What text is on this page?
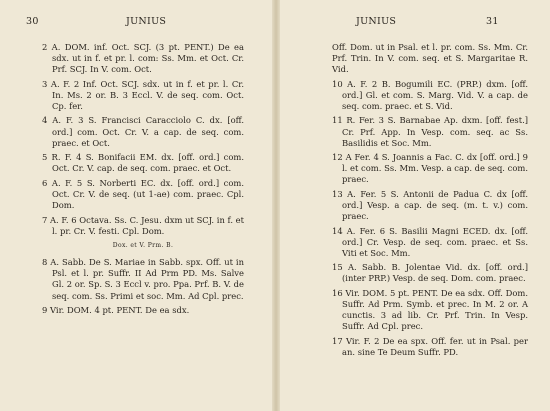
30	JUNIUS

2 A. DOM. inf. Oct. SCJ. (3 pt. PENT.) De ea sdx. ut in f. et pr. l. com: Ss. Mm. et Oct. Cr. Prf. SCJ. In V. com. Oct.

3 A. F. 2 Inf. Oct. SCJ. sdx. ut in f. et pr. l. Cr. In. Ms. 2 or. B. 3 Eccl. V. de seq. com. Oct. Cp. fer.

4 A. F. 3 S. Francisci Caracciolo C. dx. [off. ord.] com. Oct. Cr. V. a cap. de seq. com. praec. et Oct.

5 R. F. 4 S. Bonifacii EM. dx. [off. ord.] com. Oct. Cr. V. cap. de seq. com. praec. et Oct.

6 A. F. 5 S. Norberti EC. dx. [off. ord.] com. Oct. Cr. V. de seq. (ut 1-ae) com. praec. Cpl. Dom.

7 A. F. 6 Octava. Ss. C. Jesu. dxm ut SCJ. in f. et l. pr. Cr. V. festi. Cpl. Dom.

Dox. et V. Prm. B.

8 A. Sabb. De S. Mariae in Sabb. spx. Off. ut in Psl. et l. pr. Suffr. II Ad Prm PD. Ms. Salve Gl. 2 or. Sp. S. 3 Eccl v. pro. Ppa. Prf. B. V. de seq. com. Ss. Primi et soc. Mm. Ad Cpl. prec.

9 Vir. DOM. 4 pt. PENT. De ea sdx.

JUNIUS	31

Off. Dom. ut in Psal. et l. pr. com. Ss. Mm. Cr. Prf. Trin. In V. com. seq. et S. Margaritae R. Vid.

10 A. F. 2 B. Bogumili EC. (PRP.) dxm. [off. ord.] Gl. et com. S. Marg. Vid. V. a cap. de seq. com. praec. et S. Vid.

11 R. Fer. 3 S. Barnabae Ap. dxm. [off. fest.] Cr. Prf. App. In Vesp. com. seq. ac Ss. Basilidis et Soc. Mm.

12 A Fer. 4 S. Joannis a Fac. C. dx [off. ord.] 9 l. et com. Ss. Mm. Vesp. a cap. de seq. com. praec.

13 A. Fer. 5 S. Antonii de Padua C. dx [off. ord.] Vesp. a cap. de seq. (m. t. v.) com. praec.

14 A. Fer. 6 S. Basilii Magni ECED. dx. [off. ord.] Cr. Vesp. de seq. com. praec. et Ss. Viti et Soc. Mm.

15 A. Sabb. B. Jolentae Vid. dx. [off. ord.] (inter PRP.) Vesp. de seq. Dom. com. praec.

16 Vir. DOM. 5 pt. PENT. De ea sdx. Off. Dom. Suffr. Ad Prm. Symb. et prec. In M. 2 or. A cunctis. 3 ad lib. Cr. Prf. Trin. In Vesp. Suffr. Ad Cpl. prec.

17 Vir. F. 2 De ea spx. Off. fer. ut in Psal. per an. sine Te Deum Suffr. PD.
